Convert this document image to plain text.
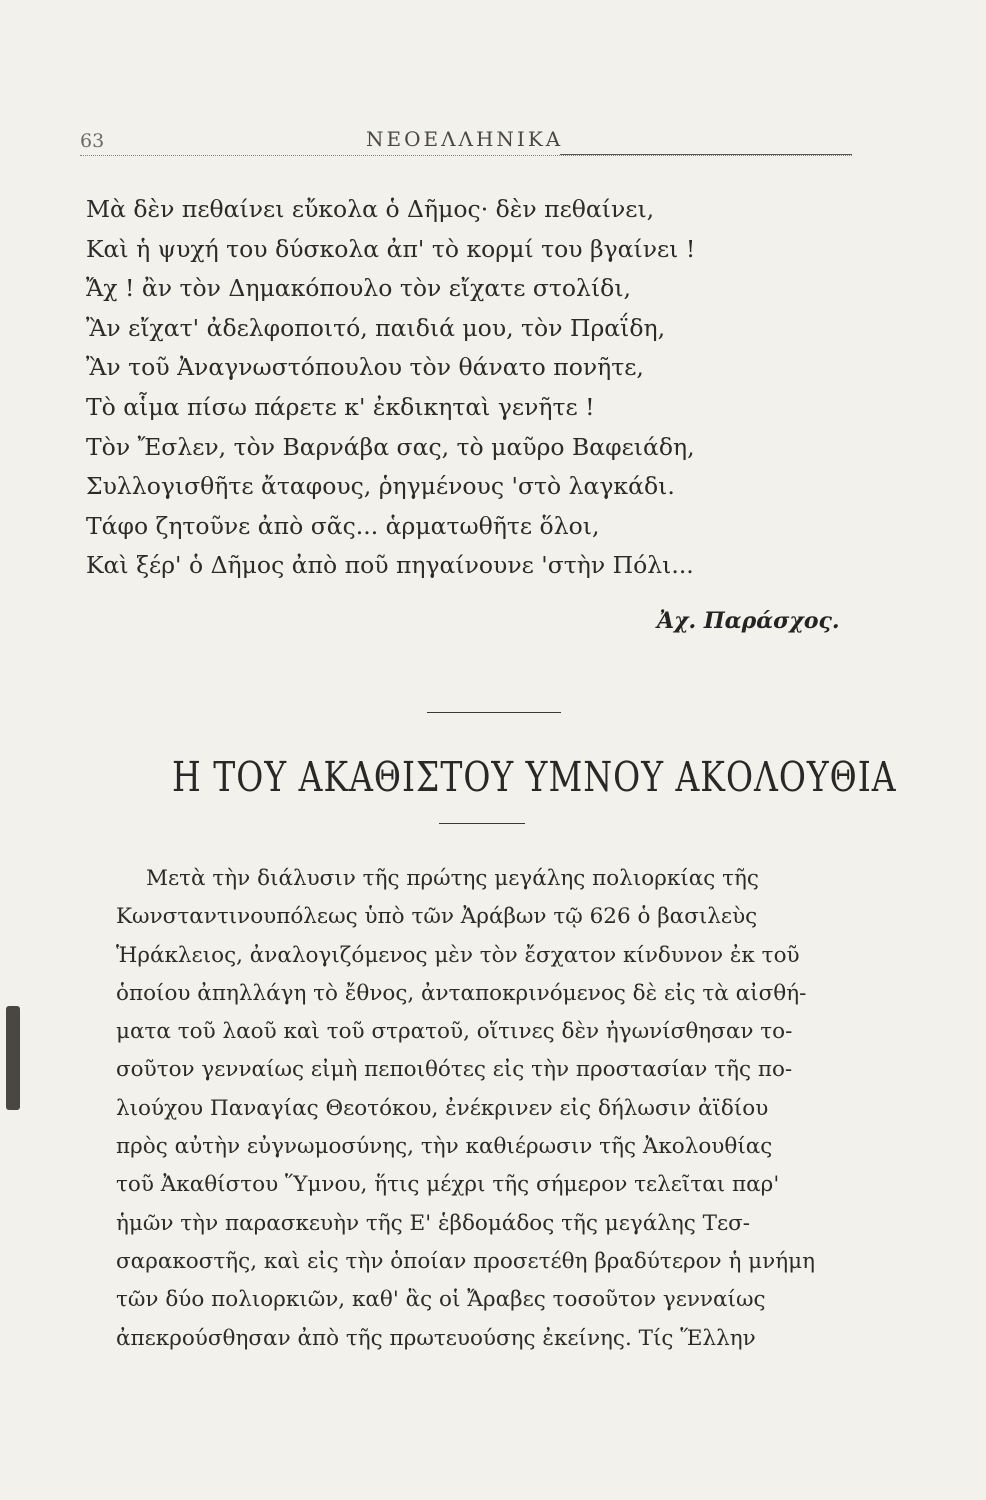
63	ΝΕΟΕΛΛΗΝΙΚΑ
Μὰ δὲν πεθαίνει εὔκολα ὁ Δῆμος· δὲν πεθαίνει,
Καὶ ἡ ψυχή του δύσκολα ἀπ' τὸ κορμί του βγαίνει !
Ἄχ ! ἂν τὸν Δημακόπουλο τὸν εἴχατε στολίδι,
Ἂν εἴχατ' ἀδελφοποιτό, παιδιά μου, τὸν Πραΐδη,
Ἂν τοῦ Ἀναγνωστόπουλου τὸν θάνατο πονῆτε,
Τὸ αἷμα πίσω πάρετε κ' ἐκδικηταὶ γενῆτε !
Τὸν Ἔσλεν, τὸν Βαρνάβα σας, τὸ μαῦρο Βαφειάδη,
Συλλογισθῆτε ἄταφους, ῥηγμένους 'στὸ λαγκάδι.
Τάφο ζητοῦνε ἀπὸ σᾶς... ἁρματωθῆτε ὅλοι,
Καὶ ξέρ' ὁ Δῆμος ἀπὸ ποῦ πηγαίνουνε 'στὴν Πόλι...
Ἀχ. Παράσχος.
Η ΤΟΥ ΑΚΑΘΙΣΤΟΥ ΥΜΝΟΥ ΑΚΟΛΟΥΘΙΑ
Μετὰ τὴν διάλυσιν τῆς πρώτης μεγάλης πολιορκίας τῆς
Κωνσταντινουπόλεως ὑπὸ τῶν Ἀράβων τῷ 626 ὁ βασιλεὺς
Ἡράκλειος, ἀναλογιζόμενος μὲν τὸν ἔσχατον κίνδυνον ἐκ τοῦ
ὁποίου ἀπηλλάγη τὸ ἔθνος, ἀνταποκρινόμενος δὲ εἰς τὰ αἰσθή-
ματα τοῦ λαοῦ καὶ τοῦ στρατοῦ, οἵτινες δὲν ἠγωνίσθησαν το-
σοῦτον γενναίως εἰμὴ πεποιθότες εἰς τὴν προστασίαν τῆς πο-
λιούχου Παναγίας Θεοτόκου, ἐνέκρινεν εἰς δήλωσιν ἀϊδίου
πρὸς αὐτὴν εὐγνωμοσύνης, τὴν καθιέρωσιν τῆς Ἀκολουθίας
τοῦ Ἀκαθίστου Ὕμνου, ἥτις μέχρι τῆς σήμερον τελεῖται παρ'
ἡμῶν τὴν παρασκευὴν τῆς Ε' ἑβδομάδος τῆς μεγάλης Τεσ-
σαρακοστῆς, καὶ εἰς τὴν ὁποίαν προσετέθη βραδύτερον ἡ μνήμη
τῶν δύο πολιορκιῶν, καθ' ἃς οἱ Ἄραβες τοσοῦτον γενναίως
ἀπεκρούσθησαν ἀπὸ τῆς πρωτευούσης ἐκείνης. Τίς Ἕλλην
